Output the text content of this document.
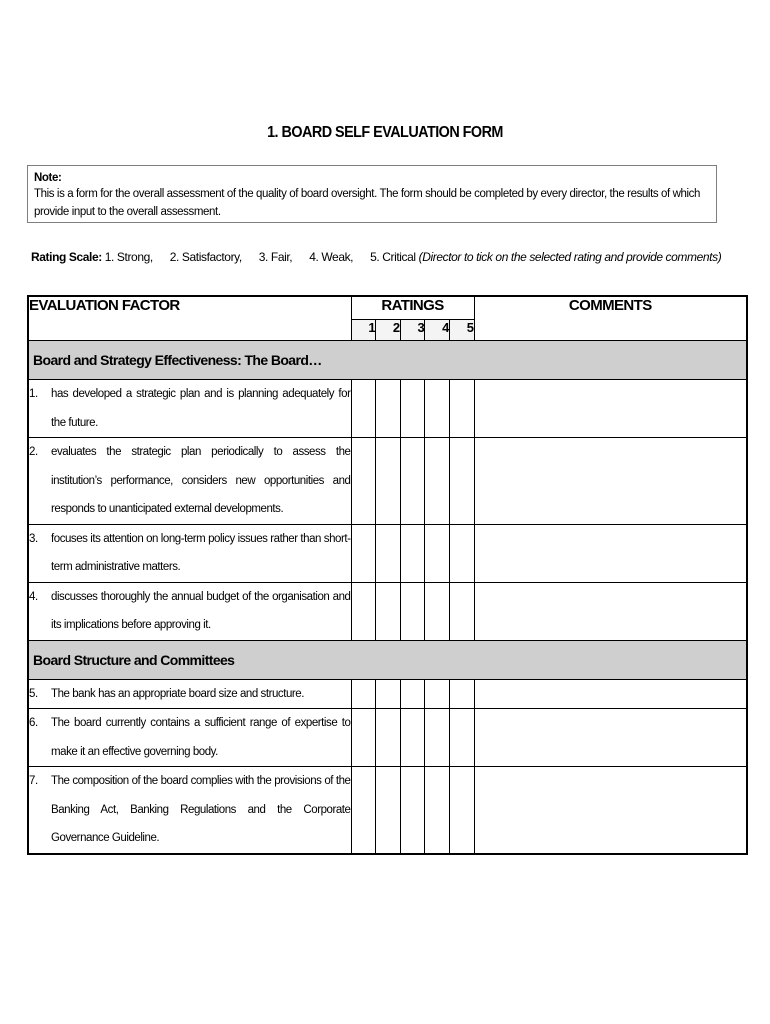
1. BOARD SELF EVALUATION FORM
Note:
This is a form for the overall assessment of the quality of board oversight. The form should be completed by every director, the results of which provide input to the overall assessment.
Rating Scale: 1. Strong, 2. Satisfactory, 3. Fair, 4. Weak, 5. Critical (Director to tick on the selected rating and provide comments)
EVALUATION FACTOR	RATINGS					COMMENTS
	1	2	3	4	5	
Board and Strategy Effectiveness: The Board…						

1. has developed a strategic plan and is planning adequately for the future.						

2. evaluates the strategic plan periodically to assess the institution’s performance, considers new opportunities and responds to unanticipated external developments.						

3. focuses its attention on long-term policy issues rather than short-term administrative matters.						

4. discusses thoroughly the annual budget of the organisation and its implications before approving it.						

Board Structure and Committees						

5. The bank has an appropriate board size and structure.						

6. The board currently contains a sufficient range of expertise to make it an effective governing body.						

7. The composition of the board complies with the provisions of the Banking Act, Banking Regulations and the Corporate Governance Guideline.						
